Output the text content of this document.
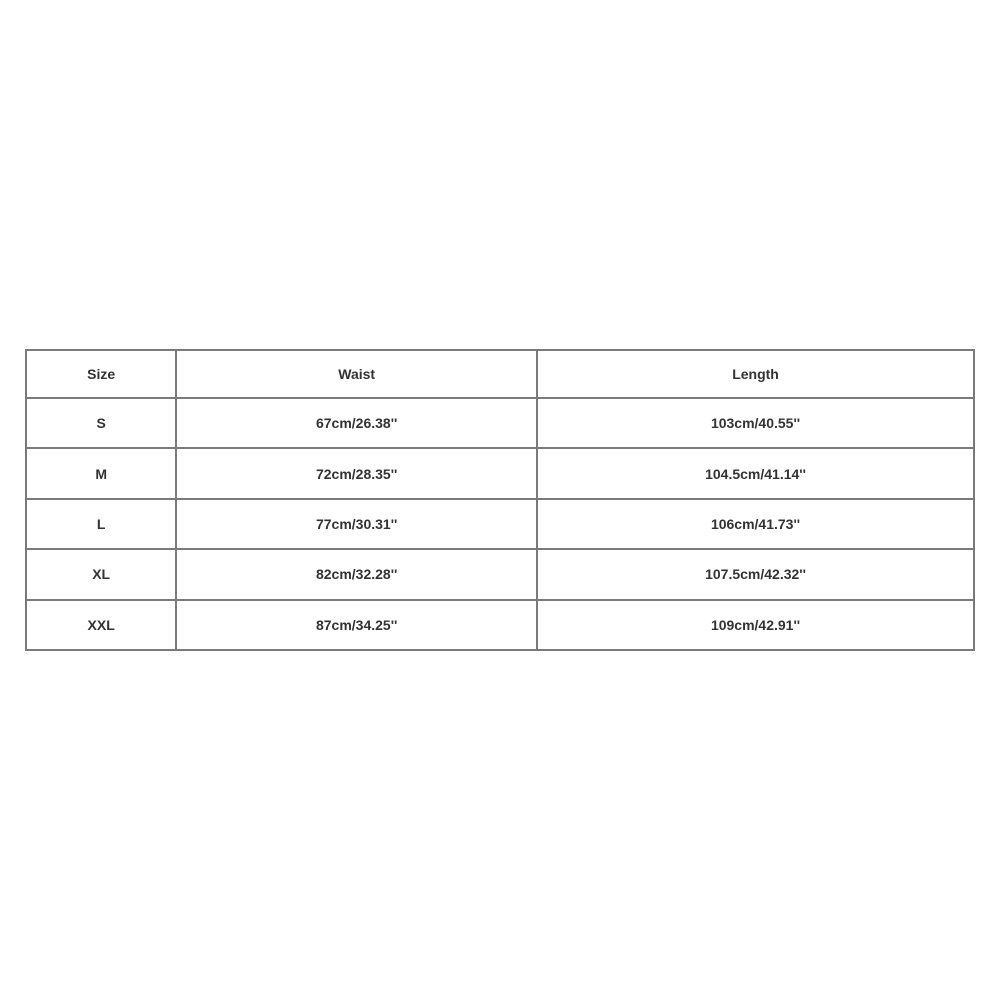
Size	Waist	Length
S	67cm/26.38''	103cm/40.55''
M	72cm/28.35''	104.5cm/41.14''
L	77cm/30.31''	106cm/41.73''
XL	82cm/32.28''	107.5cm/42.32''
XXL	87cm/34.25''	109cm/42.91''
